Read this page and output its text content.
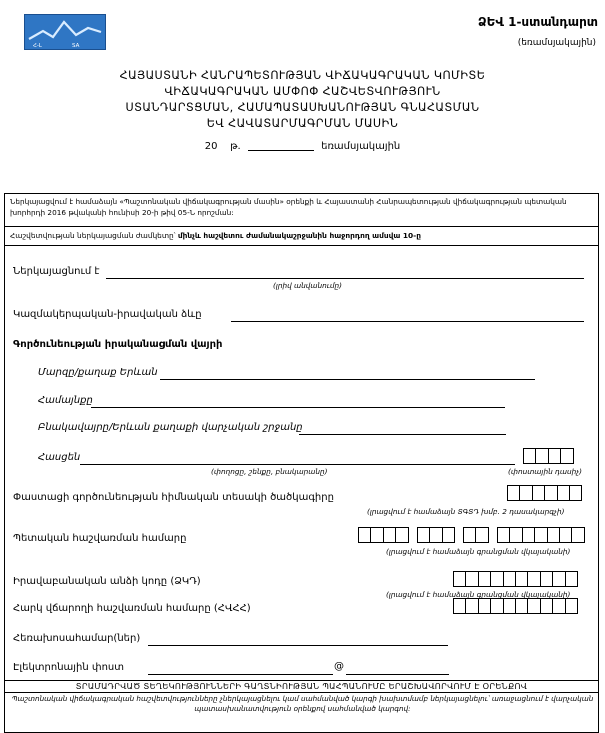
Հ-Լ	SA
ՁԵՎ 1-ստանդարտ
(եռամսյակային)
ՀԱՅԱՍՏԱՆԻ ՀԱՆՐԱՊԵՏՈՒԹՅԱՆ ՎԻՃԱԿԱԳՐԱԿԱՆ ԿՈՄԻՏԵ
ՎԻՃԱԿԱԳՐԱԿԱՆ ԱՄՓՈՓ ՀԱՇՎԵՏՎՈՒԹՅՈՒՆ
ՍՏԱՆԴԱՐՏՑՄԱՆ, ՀԱՄԱՊԱՏԱՍԽԱՆՈՒԹՅԱՆ ԳՆԱՀԱՏՄԱՆ
ԵՎ ՀԱՎԱՏԱՐՄԱԳՐՄԱՆ ՄԱՍԻՆ
20 թ.	եռամսյակային
Ներկայացվում է համաձայն «Պաշտոնական վիճակագրության մասին» օրենքի և Հայաստանի Հանրապետության վիճակագրության պետական խորհրդի 2016 թվականի հունիսի 20-ի թիվ 05-Ն որոշման:
Հաշվետվության ներկայացման ժամկետը՝ մինչև հաշվետու ժամանակաշրջանին հաջորդող ամսվա 10-ը
Ներկայացնում է
(լրիվ անվանումը)
Կազմակերպական-իրավական ձևը
Գործունեության իրականացման վայրի
Մարզը/քաղաք Երևան
Համայնքը
Բնակավայրը/Երևան քաղաքի վարչական շրջանը
Հասցեն
(փողոցը, շենքը, բնակարանը)	(փոստային դասիչ)
Փաստացի գործունեության հիմնական տեսակի ծածկագիրը
(լրացվում է համաձայն ՏԳՏԴ խմբ. 2 դասակարգչի)
Պետական հաշվառման համարը
(լրացվում է համաձայն գրանցման վկայականի)
Իրավաբանական անձի կոդը (ՁԿԴ)
(լրացվում է համաձայն գրանցման վկայականի)
Հարկ վճարողի հաշվառման համարը (ՀՎՀՀ)
Հեռախոսահամար(ներ)
Էլեկտրոնային փոստ	@
ՏՐԱՄԱԴՐՎԱԾ ՏԵՂԵԿՈՒԹՅՈՒՆՆԵՐԻ ԳԱՂՏՆԻՈՒԹՅԱՆ ՊԱՀՊԱՆՈՒՄԸ ԵՐԱՇԽԱՎՈՐՎՈՒՄ Է ՕՐԵՆՔՈՎ
Պաշտոնական վիճակագրական հաշվետվությունները չներկայացնելու կամ սահմանված կարգի խախտմամբ ներկայացնելու՝ առաջացնում է վարչական պատասխանատվություն օրենքով սահմանված կարգով:
